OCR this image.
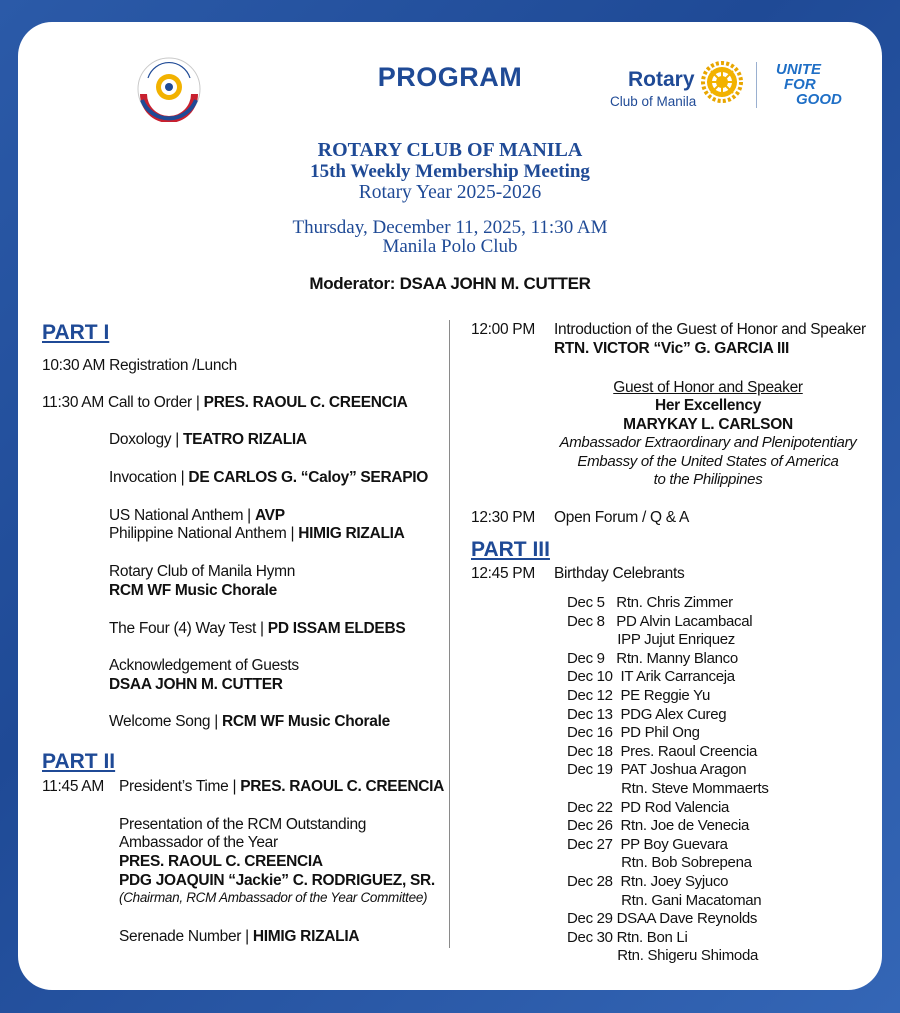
PROGRAM	Rotary
Club of Manila
UNITE
FOR
GOOD
ROTARY CLUB OF MANILA
15th Weekly Membership Meeting
Rotary Year 2025-2026
Thursday, December 11, 2025, 11:30 AM
Manila Polo Club
Moderator: DSAA JOHN M. CUTTER
PART I
10:30 AM Registration /Lunch
11:30 AM Call to Order | PRES. RAOUL C. CREENCIA
Doxology | TEATRO RIZALIA
Invocation | DE CARLOS G. “Caloy” SERAPIO
US National Anthem | AVP
Philippine National Anthem | HIMIG RIZALIA
Rotary Club of Manila Hymn
RCM WF Music Chorale
The Four (4) Way Test | PD ISSAM ELDEBS
Acknowledgement of Guests
DSAA JOHN M. CUTTER
Welcome Song | RCM WF Music Chorale
PART II
11:45 AM President’s Time | PRES. RAOUL C. CREENCIA
Presentation of the RCM Outstanding
Ambassador of the Year
PRES. RAOUL C. CREENCIA
PDG JOAQUIN “Jackie” C. RODRIGUEZ, SR.
(Chairman, RCM Ambassador of the Year Committee)
Serenade Number | HIMIG RIZALIA
12:00 PM Introduction of the Guest of Honor and Speaker
RTN. VICTOR “Vic” G. GARCIA III
Guest of Honor and Speaker
Her Excellency
MARYKAY L. CARLSON
Ambassador Extraordinary and Plenipotentiary
Embassy of the United States of America
to the Philippines
12:30 PM Open Forum / Q & A
PART III
12:45 PM Birthday Celebrants
Dec 5   Rtn. Chris Zimmer
Dec 8   PD Alvin Lacambacal
IPP Jujut Enriquez
Dec 9   Rtn. Manny Blanco
Dec 10  IT Arik Carranceja
Dec 12  PE Reggie Yu
Dec 13  PDG Alex Cureg
Dec 16  PD Phil Ong
Dec 18  Pres. Raoul Creencia
Dec 19  PAT Joshua Aragon
Rtn. Steve Mommaerts
Dec 22  PD Rod Valencia
Dec 26  Rtn. Joe de Venecia
Dec 27  PP Boy Guevara
Rtn. Bob Sobrepena
Dec 28  Rtn. Joey Syjuco
Rtn. Gani Macatoman
Dec 29 DSAA Dave Reynolds
Dec 30 Rtn. Bon Li
Rtn. Shigeru Shimoda
